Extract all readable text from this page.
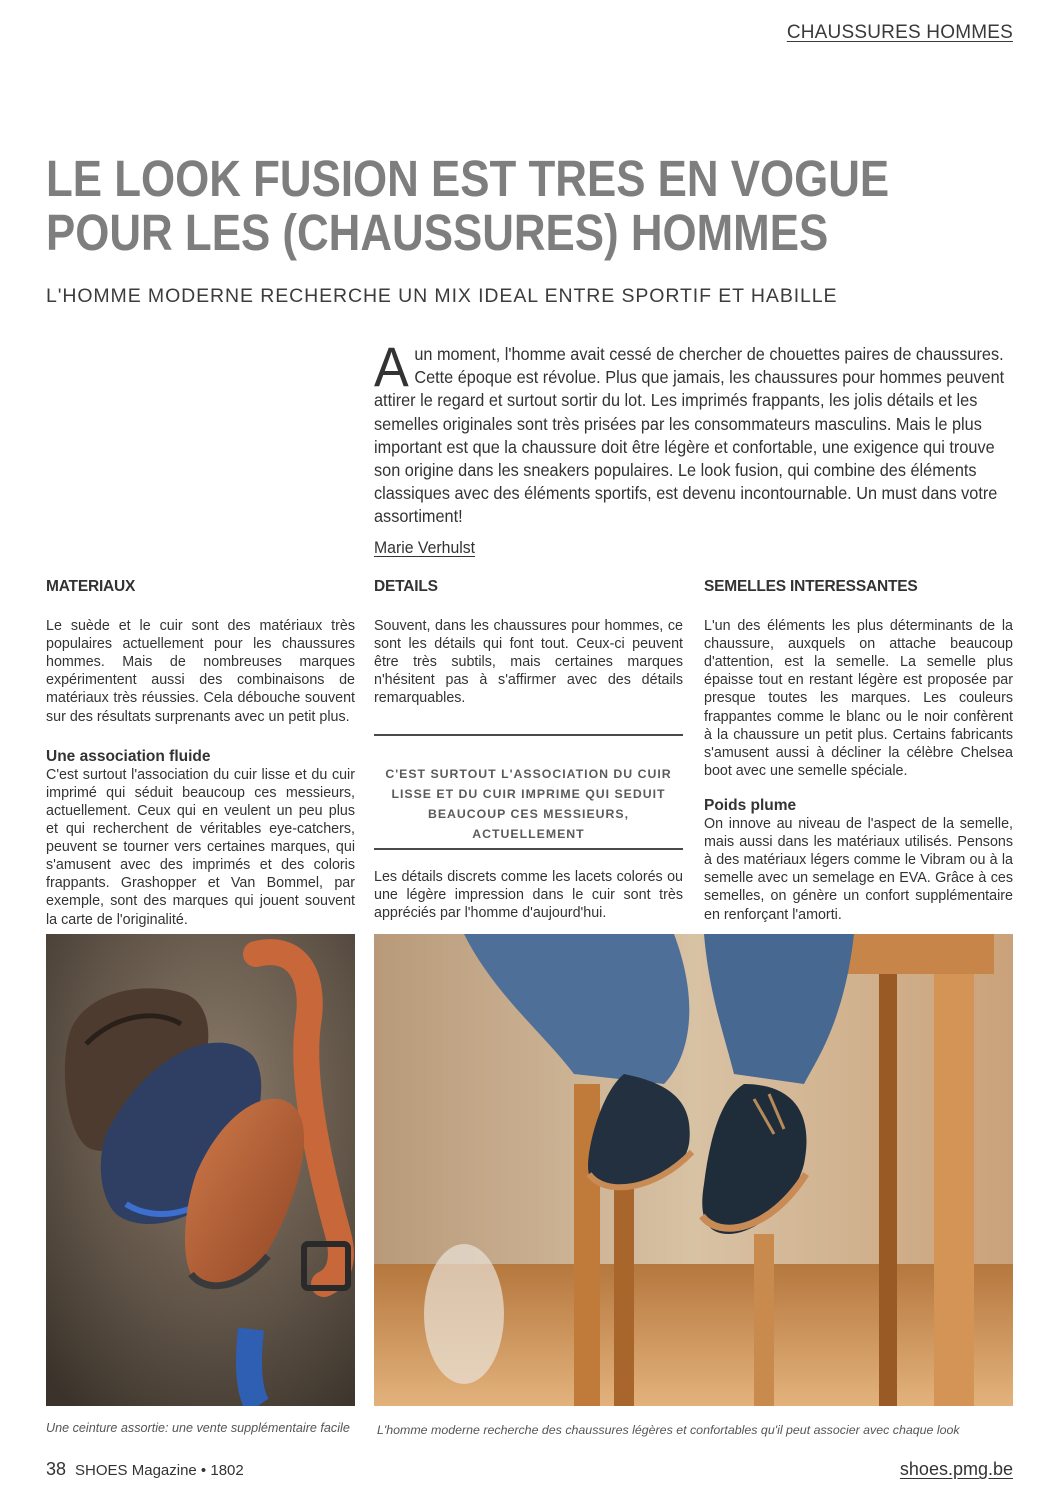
CHAUSSURES HOMMES
LE LOOK FUSION EST TRES EN VOGUE
POUR LES (CHAUSSURES) HOMMES
L'HOMME MODERNE RECHERCHE UN MIX IDEAL ENTRE SPORTIF ET HABILLE
A un moment, l'homme avait cessé de chercher de chouettes paires de chaussures. Cette époque est révolue. Plus que jamais, les chaussures pour hommes peuvent attirer le regard et surtout sortir du lot. Les imprimés frappants, les jolis détails et les semelles originales sont très prisées par les consommateurs masculins. Mais le plus important est que la chaussure doit être légère et confortable, une exigence qui trouve son origine dans les sneakers populaires. Le look fusion, qui combine des éléments classiques avec des éléments sportifs, est devenu incontournable. Un must dans votre assortiment!
Marie Verhulst
MATERIAUX

Le suède et le cuir sont des matériaux très populaires actuellement pour les chaussures hommes. Mais de nombreuses marques expérimentent aussi des combinaisons de matériaux très réussies. Cela débouche souvent sur des résultats surprenants avec un petit plus.

Une association fluide

C'est surtout l'association du cuir lisse et du cuir imprimé qui séduit beaucoup ces messieurs, actuellement. Ceux qui en veulent un peu plus et qui recherchent de véritables eye-catchers, peuvent se tourner vers certaines marques, qui s'amusent avec des imprimés et des coloris frappants. Grashopper et Van Bommel, par exemple, sont des marques qui jouent souvent la carte de l'originalité.

DETAILS

Souvent, dans les chaussures pour hommes, ce sont les détails qui font tout. Ceux-ci peuvent être très subtils, mais certaines marques n'hésitent pas à s'affirmer avec des détails remarquables.

C'EST SURTOUT L'ASSOCIATION DU CUIR LISSE ET DU CUIR IMPRIME QUI SEDUIT BEAUCOUP CES MESSIEURS, ACTUELLEMENT

Les détails discrets comme les lacets colorés ou une légère impression dans le cuir sont très appréciés par l'homme d'aujourd'hui.

SEMELLES INTERESSANTES

L'un des éléments les plus déterminants de la chaussure, auxquels on attache beaucoup d'attention, est la semelle. La semelle plus épaisse tout en restant légère est proposée par presque toutes les marques. Les couleurs frappantes comme le blanc ou le noir confèrent à la chaussure un petit plus. Certains fabricants s'amusent aussi à décliner la célèbre Chelsea boot avec une semelle spéciale.

Poids plume

On innove au niveau de l'aspect de la semelle, mais aussi dans les matériaux utilisés. Pensons à des matériaux légers comme le Vibram ou à la semelle avec un semelage en EVA. Grâce à ces semelles, on génère un confort supplémentaire en renforçant l'amorti.

Une ceinture assortie: une vente supplémentaire facile L'homme moderne recherche des chaussures légères et confortables qu'il peut associer avec chaque look
38 SHOES Magazine • 1802	shoes.pmg.be
